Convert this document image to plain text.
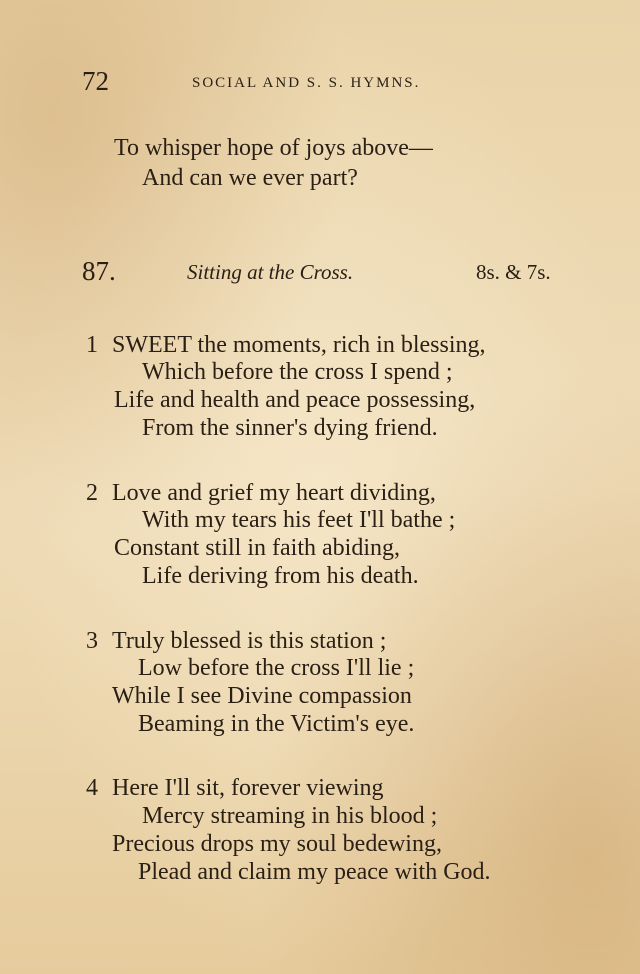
72	SOCIAL AND S. S. HYMNS.
To whisper hope of joys above—
And can we ever part?
87.	Sitting at the Cross.	8s. & 7s.
1 SWEET the moments, rich in blessing,
Which before the cross I spend ;
Life and health and peace possessing,
From the sinner's dying friend.
2 Love and grief my heart dividing,
With my tears his feet I'll bathe ;
Constant still in faith abiding,
Life deriving from his death.
3 Truly blessed is this station ;
Low before the cross I'll lie ;
While I see Divine compassion
Beaming in the Victim's eye.
4 Here I'll sit, forever viewing
Mercy streaming in his blood ;
Precious drops my soul bedewing,
Plead and claim my peace with God.
